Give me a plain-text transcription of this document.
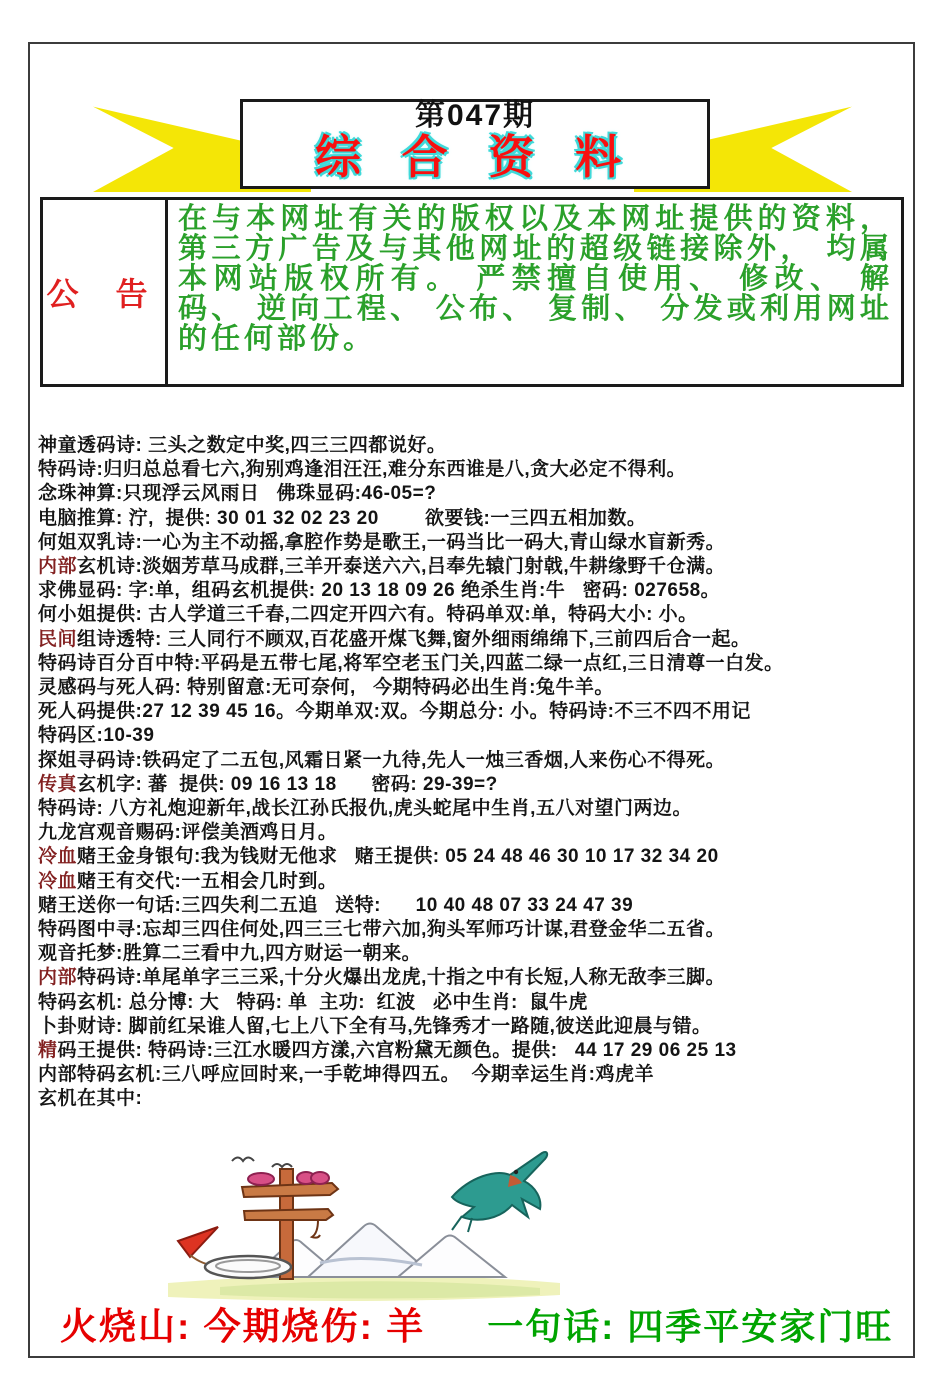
第047期
综 合 资 料
公 告
在与本网址有关的版权以及本网址提供的资料， 第三方广告及与其他网址的超级链接除外， 均属本网站版权所有。 严禁擅自使用、 修改、 解码、 逆向工程、 公布、 复制、 分发或利用网址的任何部份。
神童透码诗: 三头之数定中奖,四三三四都说好。
特码诗:归归总总看七六,狗别鸡逢泪汪汪,难分东西谁是八,贪大必定不得利。
念珠神算:只现浮云风雨日   佛珠显码:46-05=?
电脑推算: 泞,  提供: 30 01 32 02 23 20        欲要钱:一三四五相加数。
何姐双乳诗:一心为主不动摇,拿腔作势是歌王,一码当比一码大,青山绿水盲新秀。
内部玄机诗:淡姻芳草马成群,三羊开泰送六六,吕奉先辕门射戟,牛耕缘野千仓满。
求佛显码: 字:单,  组码玄机提供: 20 13 18 09 26 绝杀生肖:牛   密码: 027658。
何小姐提供: 古人学道三千春,二四定开四六有。特码单双:单,  特码大小: 小。
民间组诗透特: 三人同行不顾双,百花盛开煤飞舞,窗外细雨绵绵下,三前四后合一起。
特码诗百分百中特:平码是五带七尾,将军空老玉门关,四蓝二绿一点红,三日清尊一白发。
灵感码与死人码: 特别留意:无可奈何,   今期特码必出生肖:兔牛羊。
死人码提供:27 12 39 45 16。今期单双:双。今期总分: 小。特码诗:不三不四不用记
特码区:10-39
探姐寻码诗:铁码定了二五包,风霜日紧一九待,先人一烛三香烟,人来伤心不得死。
传真玄机字: 蕃  提供: 09 16 13 18      密码: 29-39=?
特码诗: 八方礼炮迎新年,战长江孙氏报仇,虎头蛇尾中生肖,五八对望门两边。
九龙宫观音赐码:评偿美酒鸡日月。
冷血赌王金身银句:我为钱财无他求   赌王提供: 05 24 48 46 30 10 17 32 34 20
冷血赌王有交代:一五相会几时到。
赌王送你一句话:三四失利二五追   送特:      10 40 48 07 33 24 47 39
特码图中寻:忘却三四住何处,四三三七带六加,狗头军师巧计谋,君登金华二五省。
观音托梦:胜算二三看中九,四方财运一朝来。
内部特码诗:单尾单字三三采,十分火爆出龙虎,十指之中有长短,人称无敌李三脚。
特码玄机: 总分博: 大   特码: 单  主功:  红波   必中生肖:  鼠牛虎
卜卦财诗: 脚前红呆谁人留,七上八下全有马,先锋秀才一路随,彼送此迎晨与错。
精码王提供: 特码诗:三江水暖四方漾,六宫粉黛无颜色。提供:   44 17 29 06 25 13
内部特码玄机:三八呼应回时来,一手乾坤得四五。  今期幸运生肖:鸡虎羊
玄机在其中:
火烧山: 今期烧伤: 羊 一句话: 四季平安家门旺
